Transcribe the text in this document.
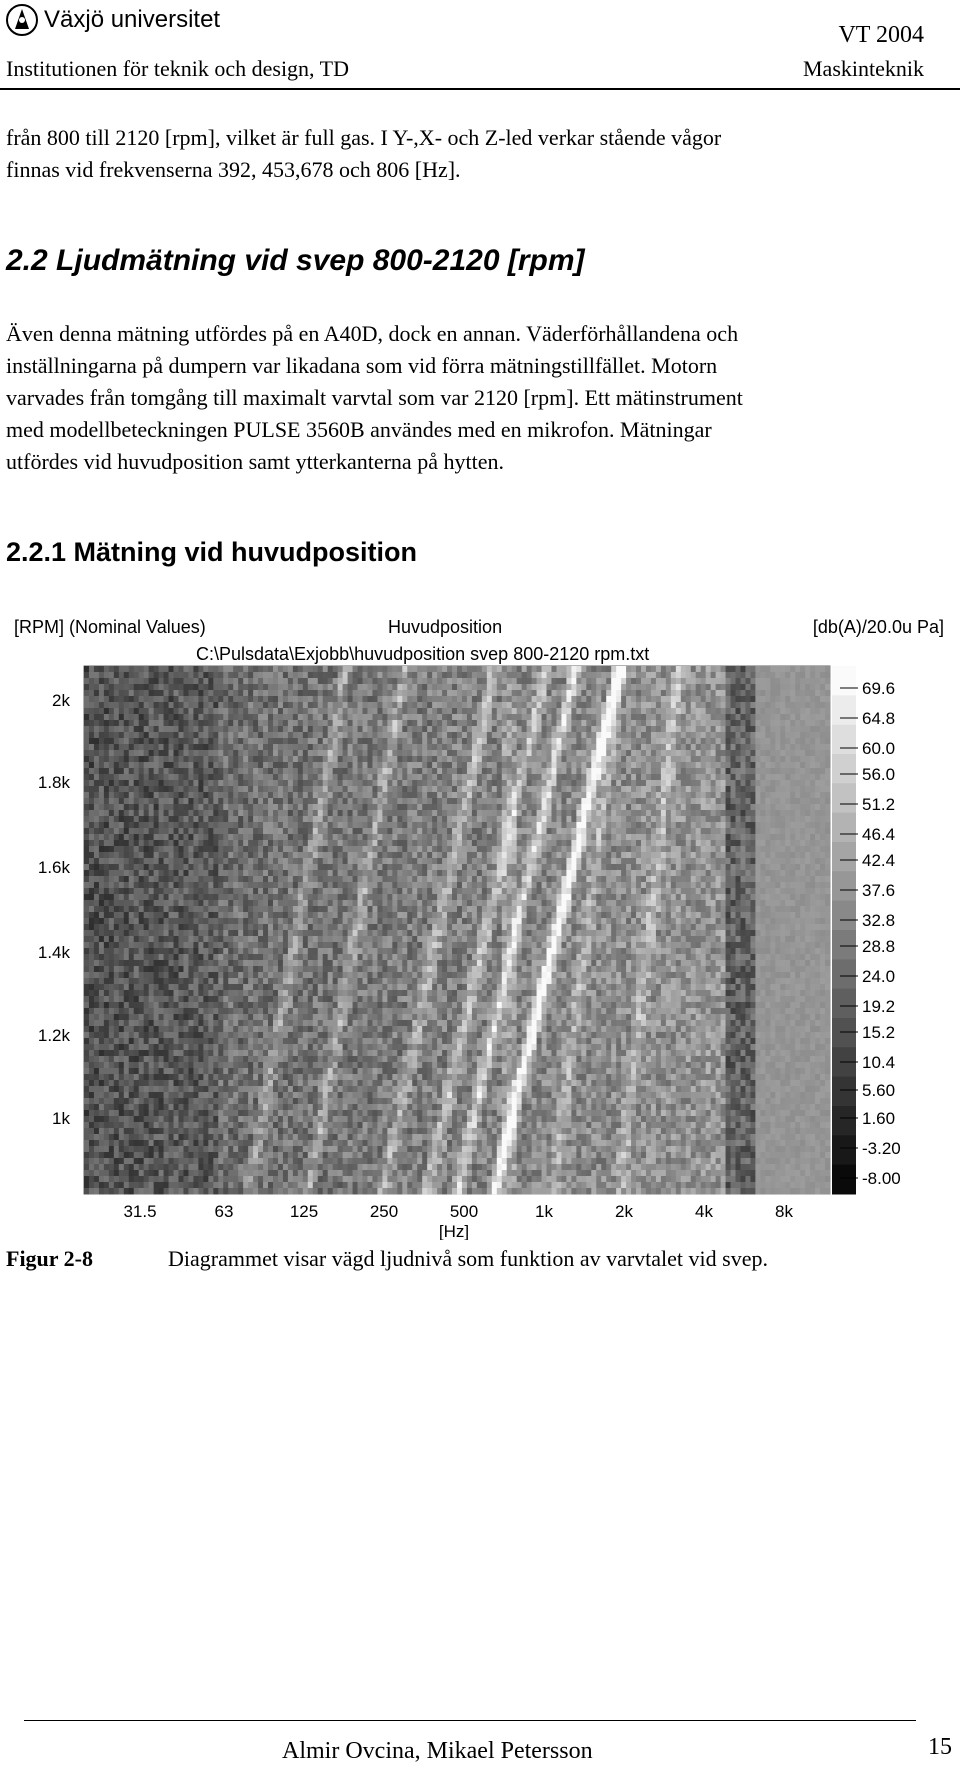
Växjö universitet
VT 2004
Institutionen för teknik och design, TD	Maskinteknik
från 800 till 2120 [rpm], vilket är full gas. I Y-,X- och Z-led verkar stående vågor
finnas vid frekvenserna 392, 453,678 och 806 [Hz].
2.2 Ljudmätning vid svep 800-2120 [rpm]
Även denna mätning utfördes på en A40D, dock en annan. Väderförhållandena och
inställningarna på dumpern var likadana som vid förra mätningstillfället. Motorn
varvades från tomgång till maximalt varvtal som var 2120 [rpm]. Ett mätinstrument
med modellbeteckningen PULSE 3560B användes med en mikrofon. Mätningar
utfördes vid huvudposition samt ytterkanterna på hytten.
2.2.1 Mätning vid huvudposition
[RPM] (Nominal Values)	Huvudposition	[db(A)/20.0u Pa]
C:\Pulsdata\Exjobb\huvudposition svep 800-2120 rpm.txt
2k
1.8k
1.6k
1.4k
1.2k
1k
31.5	63	125	250	500	1k	2k	4k	8k
[Hz]
69.6
64.8
60.0
56.0
51.2
46.4
42.4
37.6
32.8
28.8
24.0
19.2
15.2
10.4
5.60
1.60
-3.20
-8.00
Figur 2-8	Diagrammet visar vägd ljudnivå som funktion av varvtalet vid svep.
Almir Ovcina, Mikael Petersson	15
